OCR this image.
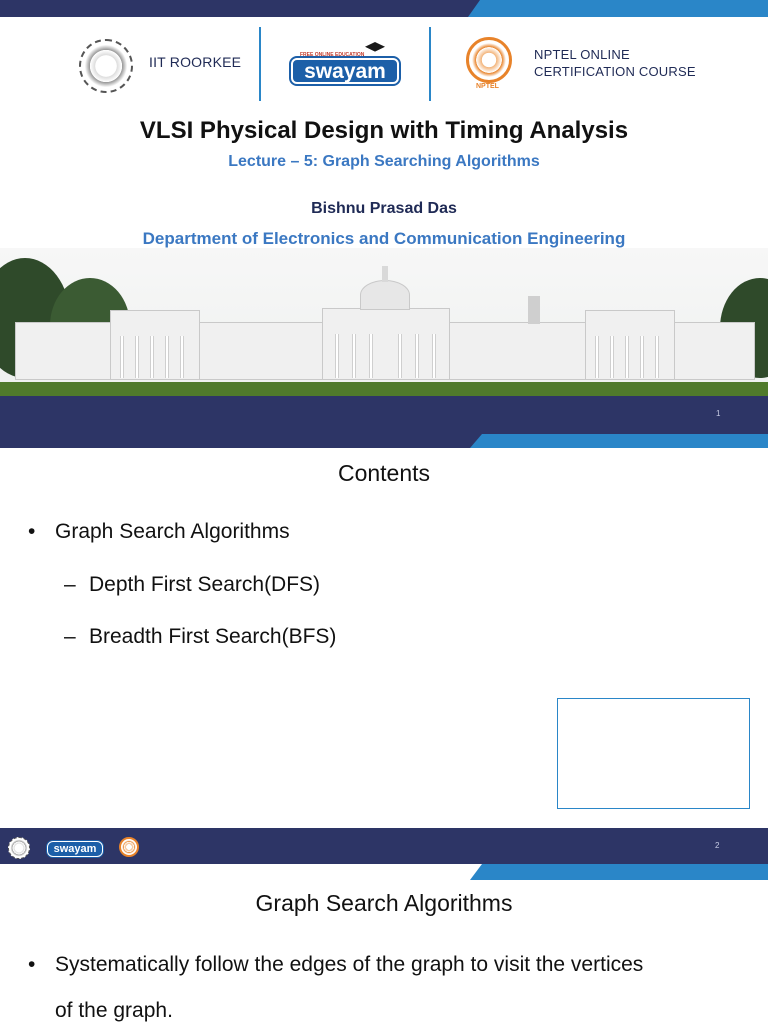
IIT ROORKEE	FREE ONLINE EDUCATION
swayam
NPTEL
NPTEL ONLINE
CERTIFICATION COURSE
VLSI Physical Design with Timing Analysis
Lecture – 5: Graph Searching Algorithms
Bishnu Prasad Das
Department of Electronics and Communication Engineering
1
Contents
• Graph Search Algorithms
– Depth First Search(DFS)
– Breadth First Search(BFS)
swayam	2
Graph Search Algorithms
• Systematically follow the edges of the graph to visit the vertices
of the graph.
